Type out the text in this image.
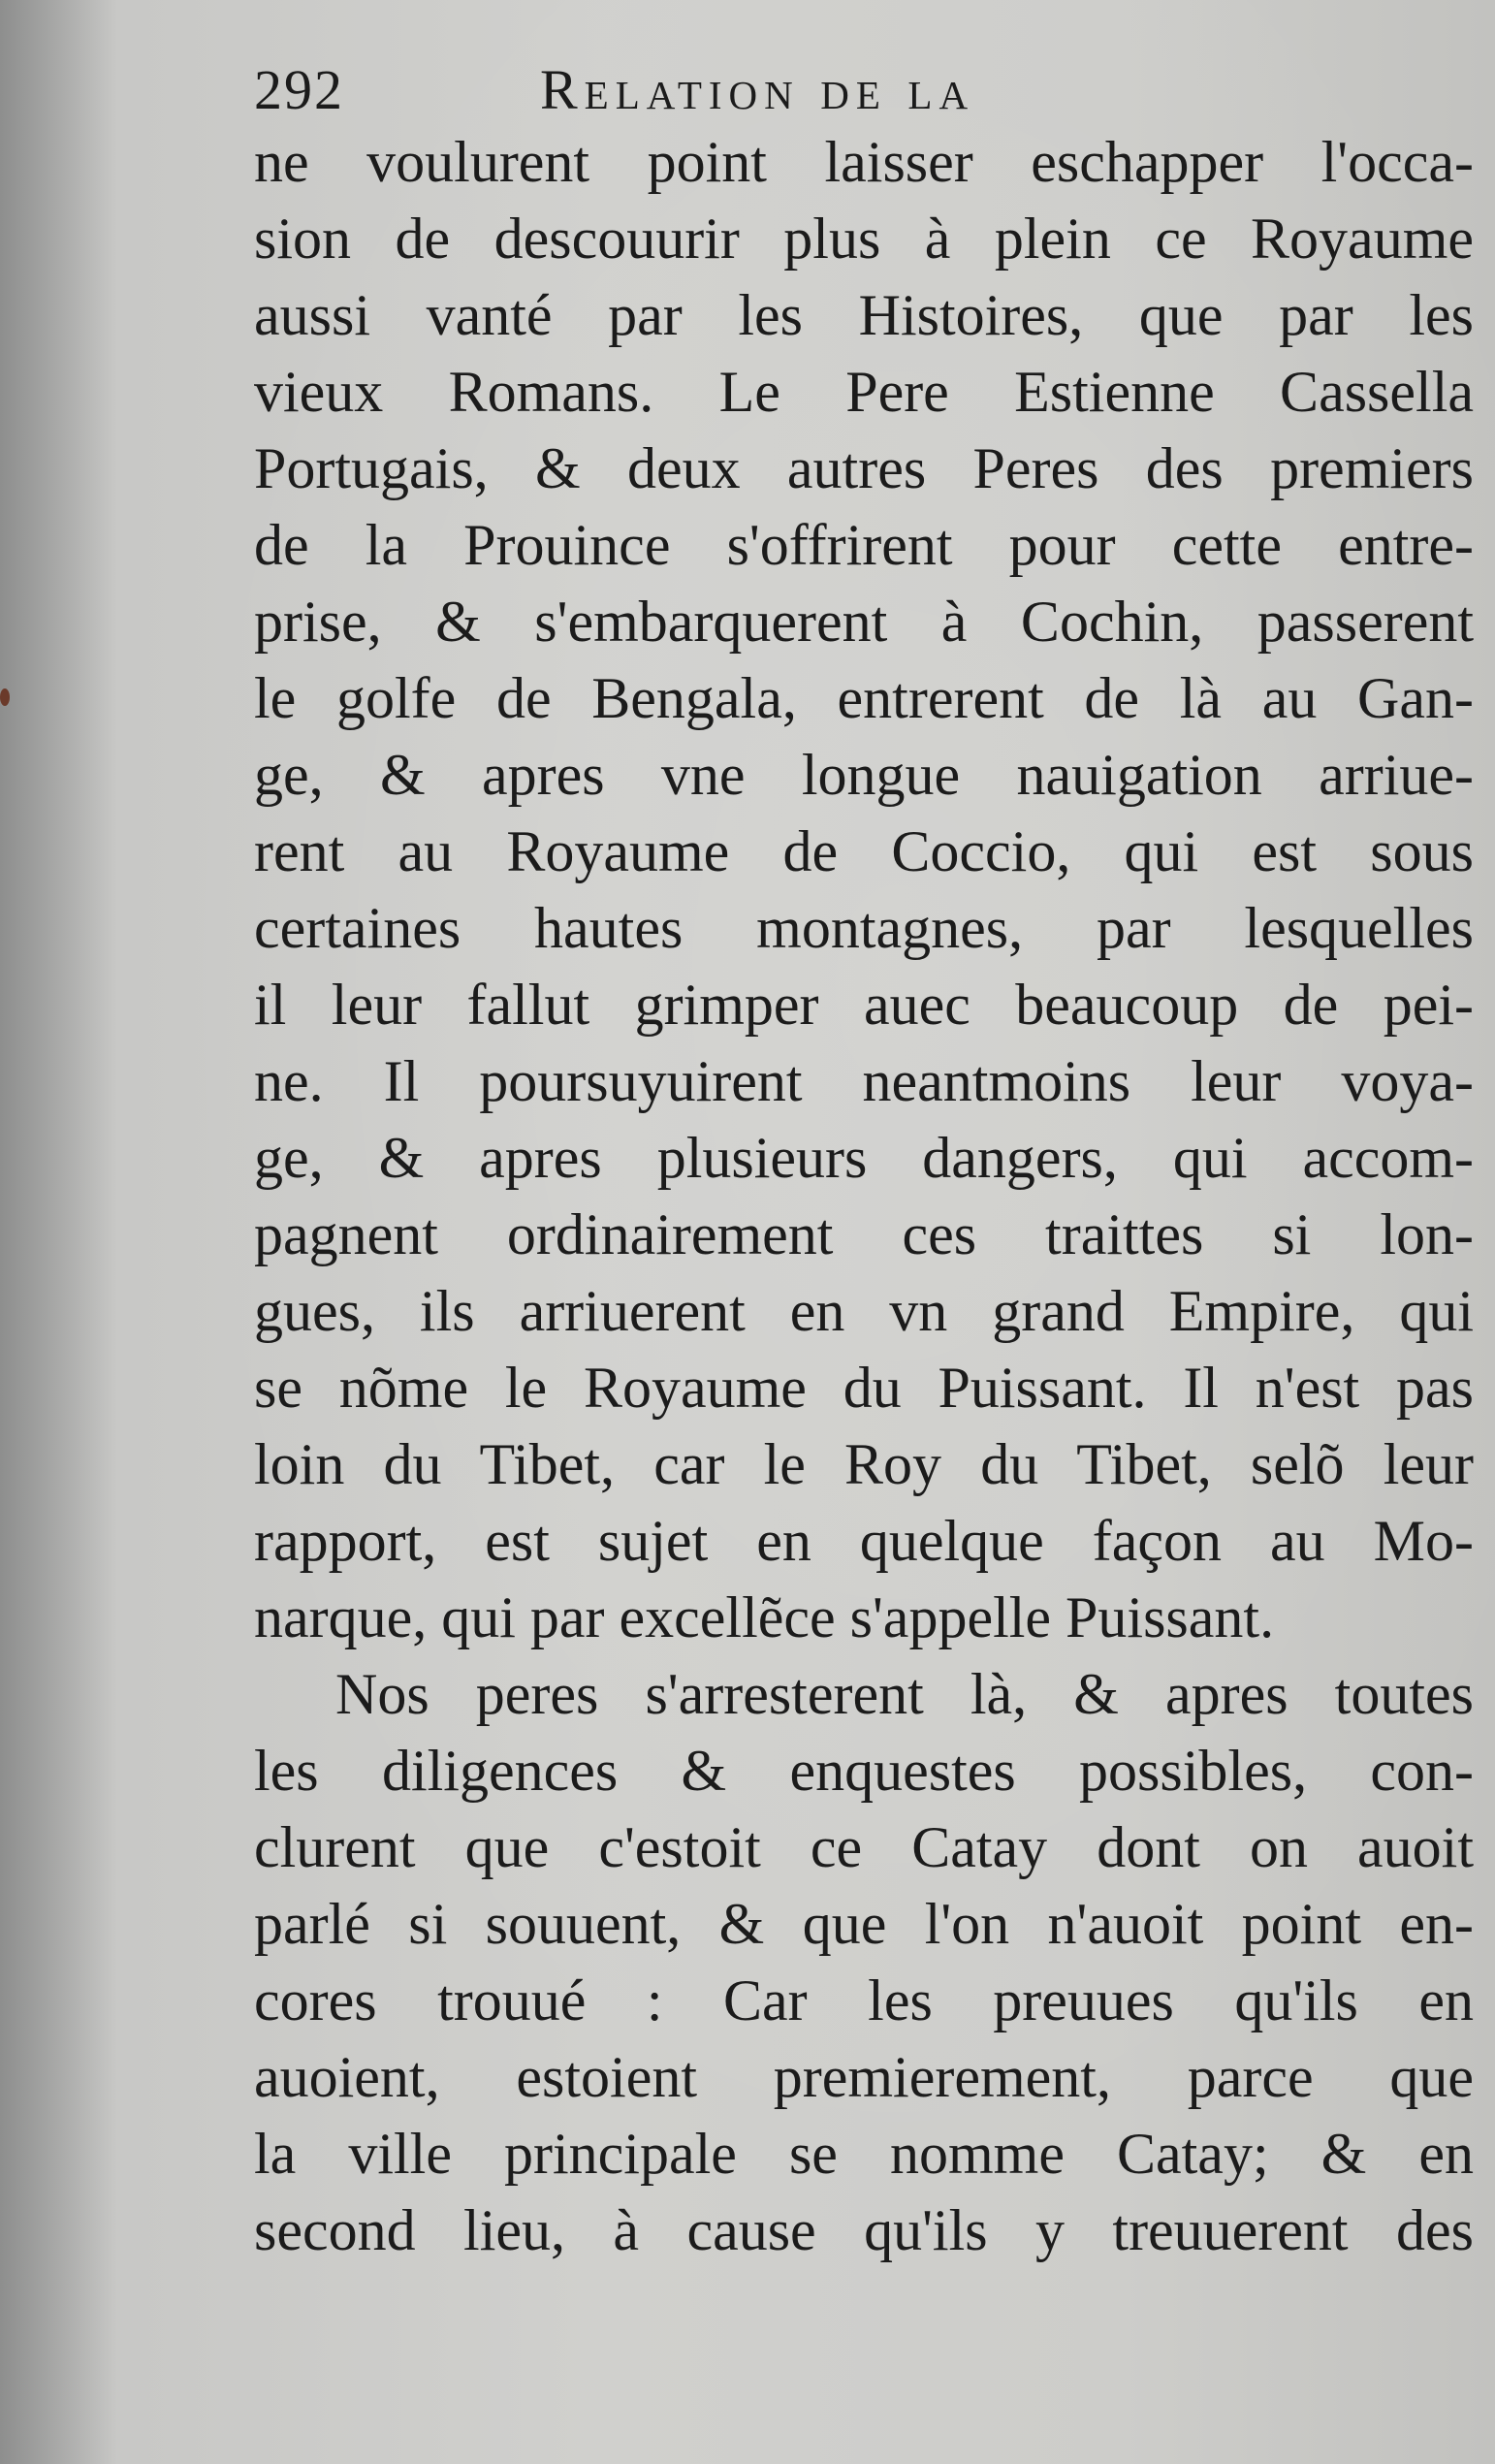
292	Relation de la
ne voulurent point laisser eschapper l'occa-
sion de descouurir plus à plein ce Royaume
aussi vanté par les Histoires, que par les
vieux Romans. Le Pere Estienne Cassella
Portugais, & deux autres Peres des premiers
de la Prouince s'offrirent pour cette entre-
prise, & s'embarquerent à Cochin, passerent
le golfe de Bengala, entrerent de là au Gan-
ge, & apres vne longue nauigation arriue-
rent au Royaume de Coccio, qui est sous
certaines hautes montagnes, par lesquelles
il leur fallut grimper auec beaucoup de pei-
ne. Il poursuyuirent neantmoins leur voya-
ge, & apres plusieurs dangers, qui accom-
pagnent ordinairement ces traittes si lon-
gues, ils arriuerent en vn grand Empire, qui
se nõme le Royaume du Puissant. Il n'est pas
loin du Tibet, car le Roy du Tibet, selõ leur
rapport, est sujet en quelque façon au Mo-
narque, qui par excellẽce s'appelle Puissant.
Nos peres s'arresterent là, & apres toutes
les diligences & enquestes possibles, con-
clurent que c'estoit ce Catay dont on auoit
parlé si souuent, & que l'on n'auoit point en-
cores trouué : Car les preuues qu'ils en
auoient, estoient premierement, parce que
la ville principale se nomme Catay; & en
second lieu, à cause qu'ils y treuuerent des
